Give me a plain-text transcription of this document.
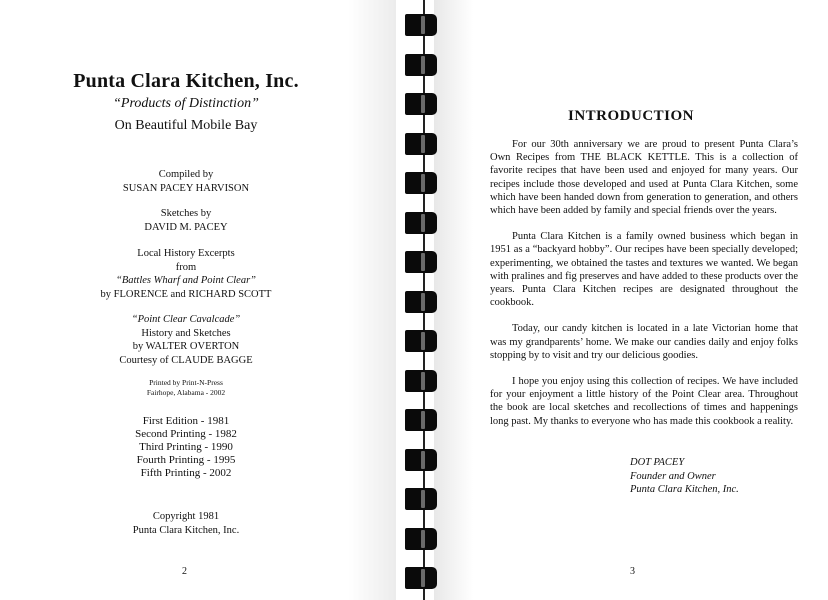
Punta Clara Kitchen, Inc.
“Products of Distinction”
On Beautiful Mobile Bay
Compiled by
SUSAN PACEY HARVISON
Sketches by
DAVID M. PACEY
Local History Excerpts
from
“Battles Wharf and Point Clear”
by FLORENCE and RICHARD SCOTT
“Point Clear Cavalcade”
History and Sketches
by WALTER OVERTON
Courtesy of CLAUDE BAGGE
Printed by Print-N-Press
Fairhope, Alabama - 2002
First Edition - 1981
Second Printing - 1982
Third Printing - 1990
Fourth Printing - 1995
Fifth Printing - 2002
Copyright 1981
Punta Clara Kitchen, Inc.
2
INTRODUCTION

For our 30th anniversary we are proud to present Punta Clara’s Own Recipes from THE BLACK KETTLE. This is a collection of favorite recipes that have been used and enjoyed for many years. Our recipes include those developed and used at Punta Clara Kitchen, some which have been handed down from generation to generation, and others which have been added by family and special friends over the years.

Punta Clara Kitchen is a family owned business which began in 1951 as a “backyard hobby”. Our recipes have been specially developed; experimenting, we obtained the tastes and textures we wanted. We began with pralines and fig preserves and have added to these products over the years. Punta Clara Kitchen recipes are designated throughout the cookbook.

Today, our candy kitchen is located in a late Victorian home that was my grandparents’ home. We make our candies daily and enjoy folks stopping by to visit and try our delicious goodies.

I hope you enjoy using this collection of recipes. We have included for your enjoyment a little history of the Point Clear area. Throughout the book are local sketches and recollections of times and happenings long past. My thanks to everyone who has made this cookbook a reality.

DOT PACEY
Founder and Owner
Punta Clara Kitchen, Inc.
3
